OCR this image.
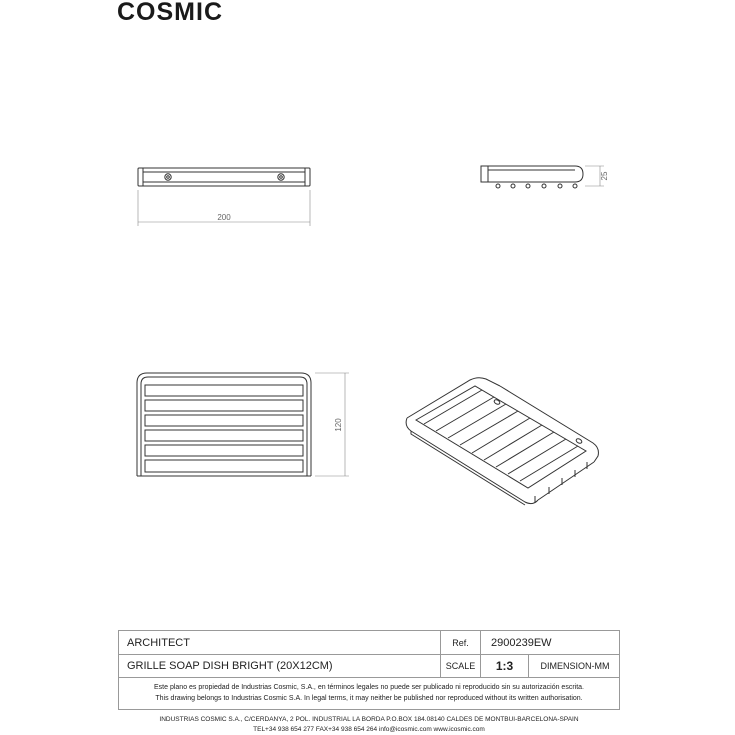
COSMIC
200
25
120
ARCHITECT	Ref.	2900239EW
GRILLE SOAP DISH BRIGHT (20X12CM)	SCALE	1:3	DIMENSION-MM
Este plano es propiedad de Industrias Cosmic, S.A., en términos legales no puede ser publicado ni reproducido sin su autorización escrita.
This drawing belongs to Industrias Cosmic S.A. In legal terms, it may neither be published nor reproduced without its written authorisation.
INDUSTRIAS COSMIC S.A., C/CERDANYA, 2 POL. INDUSTRIAL LA BORDA P.O.BOX 184.08140 CALDES DE MONTBUI-BARCELONA-SPAIN
TEL+34 938 654 277 FAX+34 938 654 264 info@icosmic.com www.icosmic.com
